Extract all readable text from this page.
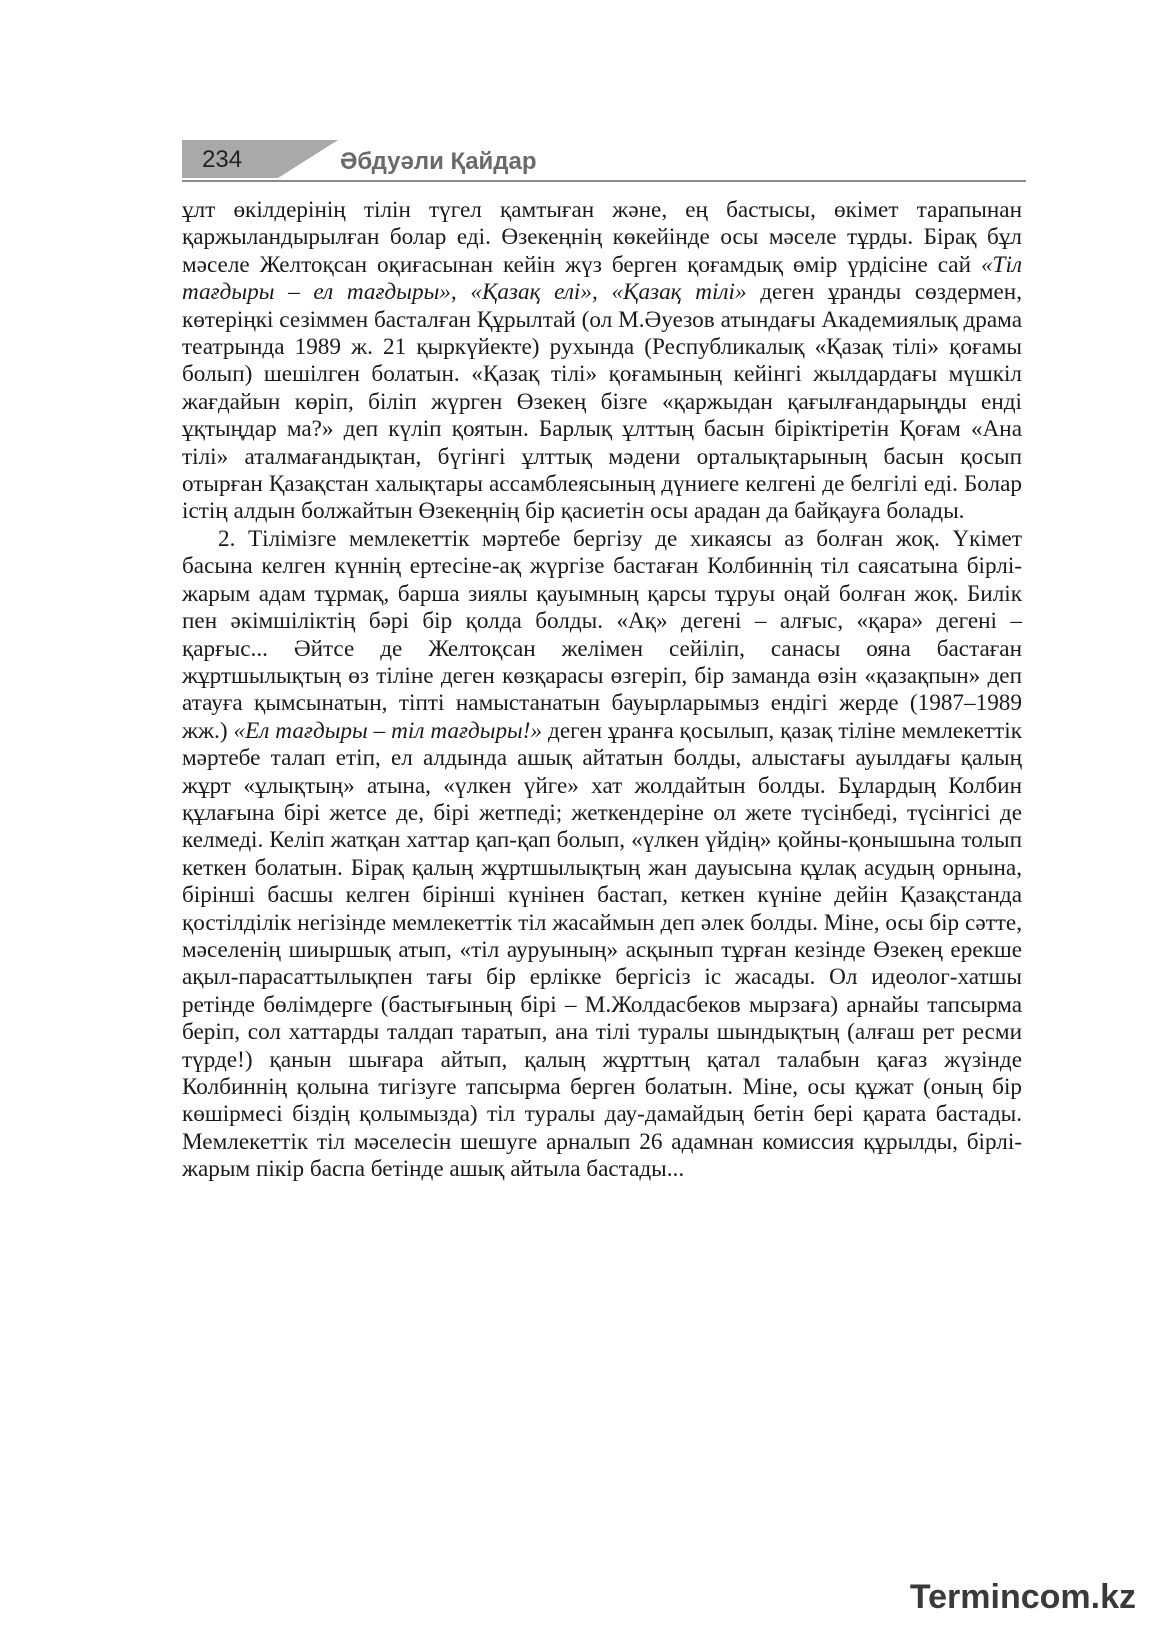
234	Әбдуәли Қайдар

ұлт өкілдерінің тілін түгел қамтыған және, ең бастысы, өкімет тарапынан қаржыландырылған болар еді. Өзекеңнің көкейінде осы мәселе тұрды. Бірақ бұл мәселе Желтоқсан оқиғасынан кейін жүз берген қоғамдық өмір үрдісіне сай «Тіл тағдыры – ел тағдыры», «Қазақ елі», «Қазақ тілі» деген ұранды сөздермен, көтеріңкі сезіммен басталған Құрылтай (ол М.Әуезов атындағы Академиялық драма театрында 1989 ж. 21 қыркүйекте) рухында (Республикалық «Қазақ тілі» қоғамы болып) шешілген болатын. «Қазақ тілі» қоғамының кейінгі жылдардағы мүшкіл жағдайын көріп, біліп жүрген Өзекең бізге «қаржыдан қағылғандарыңды енді ұқтыңдар ма?» деп күліп қоятын. Барлық ұлттың басын біріктіретін Қоғам «Ана тілі» аталмағандықтан, бүгінгі ұлттық мәдени орталықтарының басын қосып отырған Қазақстан халықтары ассамблеясының дүниеге келгені де белгілі еді. Болар істің алдын болжайтын Өзекеңнің бір қасиетін осы арадан да байқауға болады.

2. Тілімізге мемлекеттік мәртебе бергізу де хикаясы аз болған жоқ. Үкімет басына келген күннің ертесіне-ақ жүргізе бастаған Колбиннің тіл саясатына бірлі-жарым адам тұрмақ, барша зиялы қауымның қарсы тұруы оңай болған жоқ. Билік пен әкімшіліктің бәрі бір қолда болды. «Ақ» дегені – алғыс, «қара» дегені – қарғыс... Әйтсе де Желтоқсан желімен сейіліп, санасы ояна бастаған жұртшылықтың өз тіліне деген көзқарасы өзгеріп, бір заманда өзін «қазақпын» деп атауға қымсынатын, тіпті намыстанатын бауырларымыз ендігі жерде (1987–1989 жж.) «Ел тағдыры – тіл тағдыры!» деген ұранға қосылып, қазақ тіліне мемлекеттік мәртебе талап етіп, ел алдында ашық айтатын болды, алыстағы ауылдағы қалың жұрт «ұлықтың» атына, «үлкен үйге» хат жолдайтын болды. Бұлардың Колбин құлағына бірі жетсе де, бірі жетпеді; жеткендеріне ол жете түсінбеді, түсінгісі де келмеді. Келіп жатқан хаттар қап-қап болып, «үлкен үйдің» қойны-қонышына толып кеткен болатын. Бірақ қалың жұртшылықтың жан дауысына құлақ асудың орнына, бірінші басшы келген бірінші күнінен бастап, кеткен күніне дейін Қазақстанда қостілділік негізінде мемлекеттік тіл жасаймын деп әлек болды. Міне, осы бір сәтте, мәселенің шиыршық атып, «тіл ауруының» асқынып тұрған кезінде Өзекең ерекше ақыл-парасаттылықпен тағы бір ерлікке бергісіз іс жасады. Ол идеолог-хатшы ретінде бөлімдерге (бастығының бірі – М.Жолдасбеков мырзаға) арнайы тапсырма беріп, сол хаттарды талдап таратып, ана тілі туралы шындықтың (алғаш рет ресми түрде!) қанын шығара айтып, қалың жұрттың қатал талабын қағаз жүзінде Колбиннің қолына тигізуге тапсырма берген болатын. Міне, осы құжат (оның бір көшірмесі біздің қолымызда) тіл туралы дау-дамайдың бетін бері қарата бастады. Мемлекеттік тіл мәселесін шешуге арналып 26 адамнан комиссия құрылды, бірлі-жарым пікір баспа бетінде ашық айтыла бастады...

Termincom.kz
